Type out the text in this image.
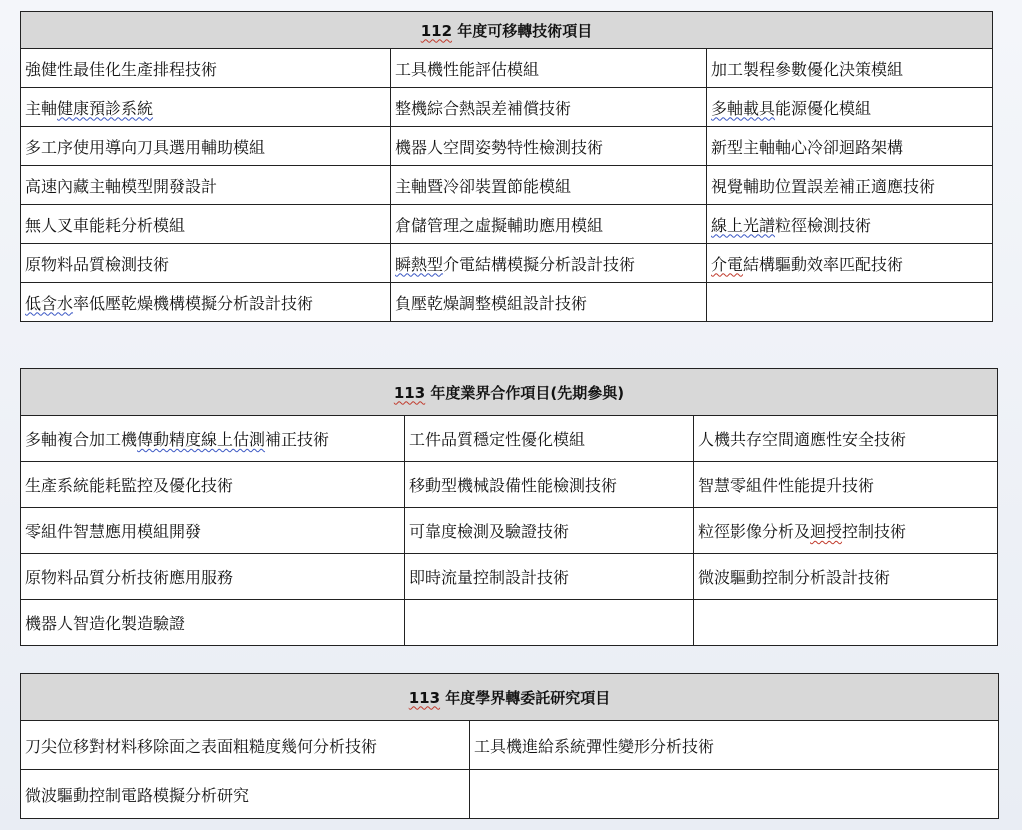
112 年度可移轉技術項目		
強健性最佳化生產排程技術	工具機性能評估模組	加工製程參數優化決策模組
主軸健康預診系統	整機綜合熱誤差補償技術	多軸載具能源優化模組
多工序使用導向刀具選用輔助模組	機器人空間姿勢特性檢測技術	新型主軸軸心冷卻迴路架構
高速內藏主軸模型開發設計	主軸暨冷卻裝置節能模組	視覺輔助位置誤差補正適應技術
無人叉車能耗分析模組	倉儲管理之虛擬輔助應用模組	線上光譜粒徑檢測技術
原物料品質檢測技術	瞬熱型介電結構模擬分析設計技術	介電結構驅動效率匹配技術
低含水率低壓乾燥機構模擬分析設計技術	負壓乾燥調整模組設計技術	
113 年度業界合作項目(先期參與)		
多軸複合加工機傳動精度線上估測補正技術	工件品質穩定性優化模組	人機共存空間適應性安全技術
生產系統能耗監控及優化技術	移動型機械設備性能檢測技術	智慧零組件性能提升技術
零組件智慧應用模組開發	可靠度檢測及驗證技術	粒徑影像分析及迴授控制技術
原物料品質分析技術應用服務	即時流量控制設計技術	微波驅動控制分析設計技術
機器人智造化製造驗證		
113 年度學界轉委託研究項目	
刀尖位移對材料移除面之表面粗糙度幾何分析技術	工具機進給系統彈性變形分析技術
微波驅動控制電路模擬分析研究	
